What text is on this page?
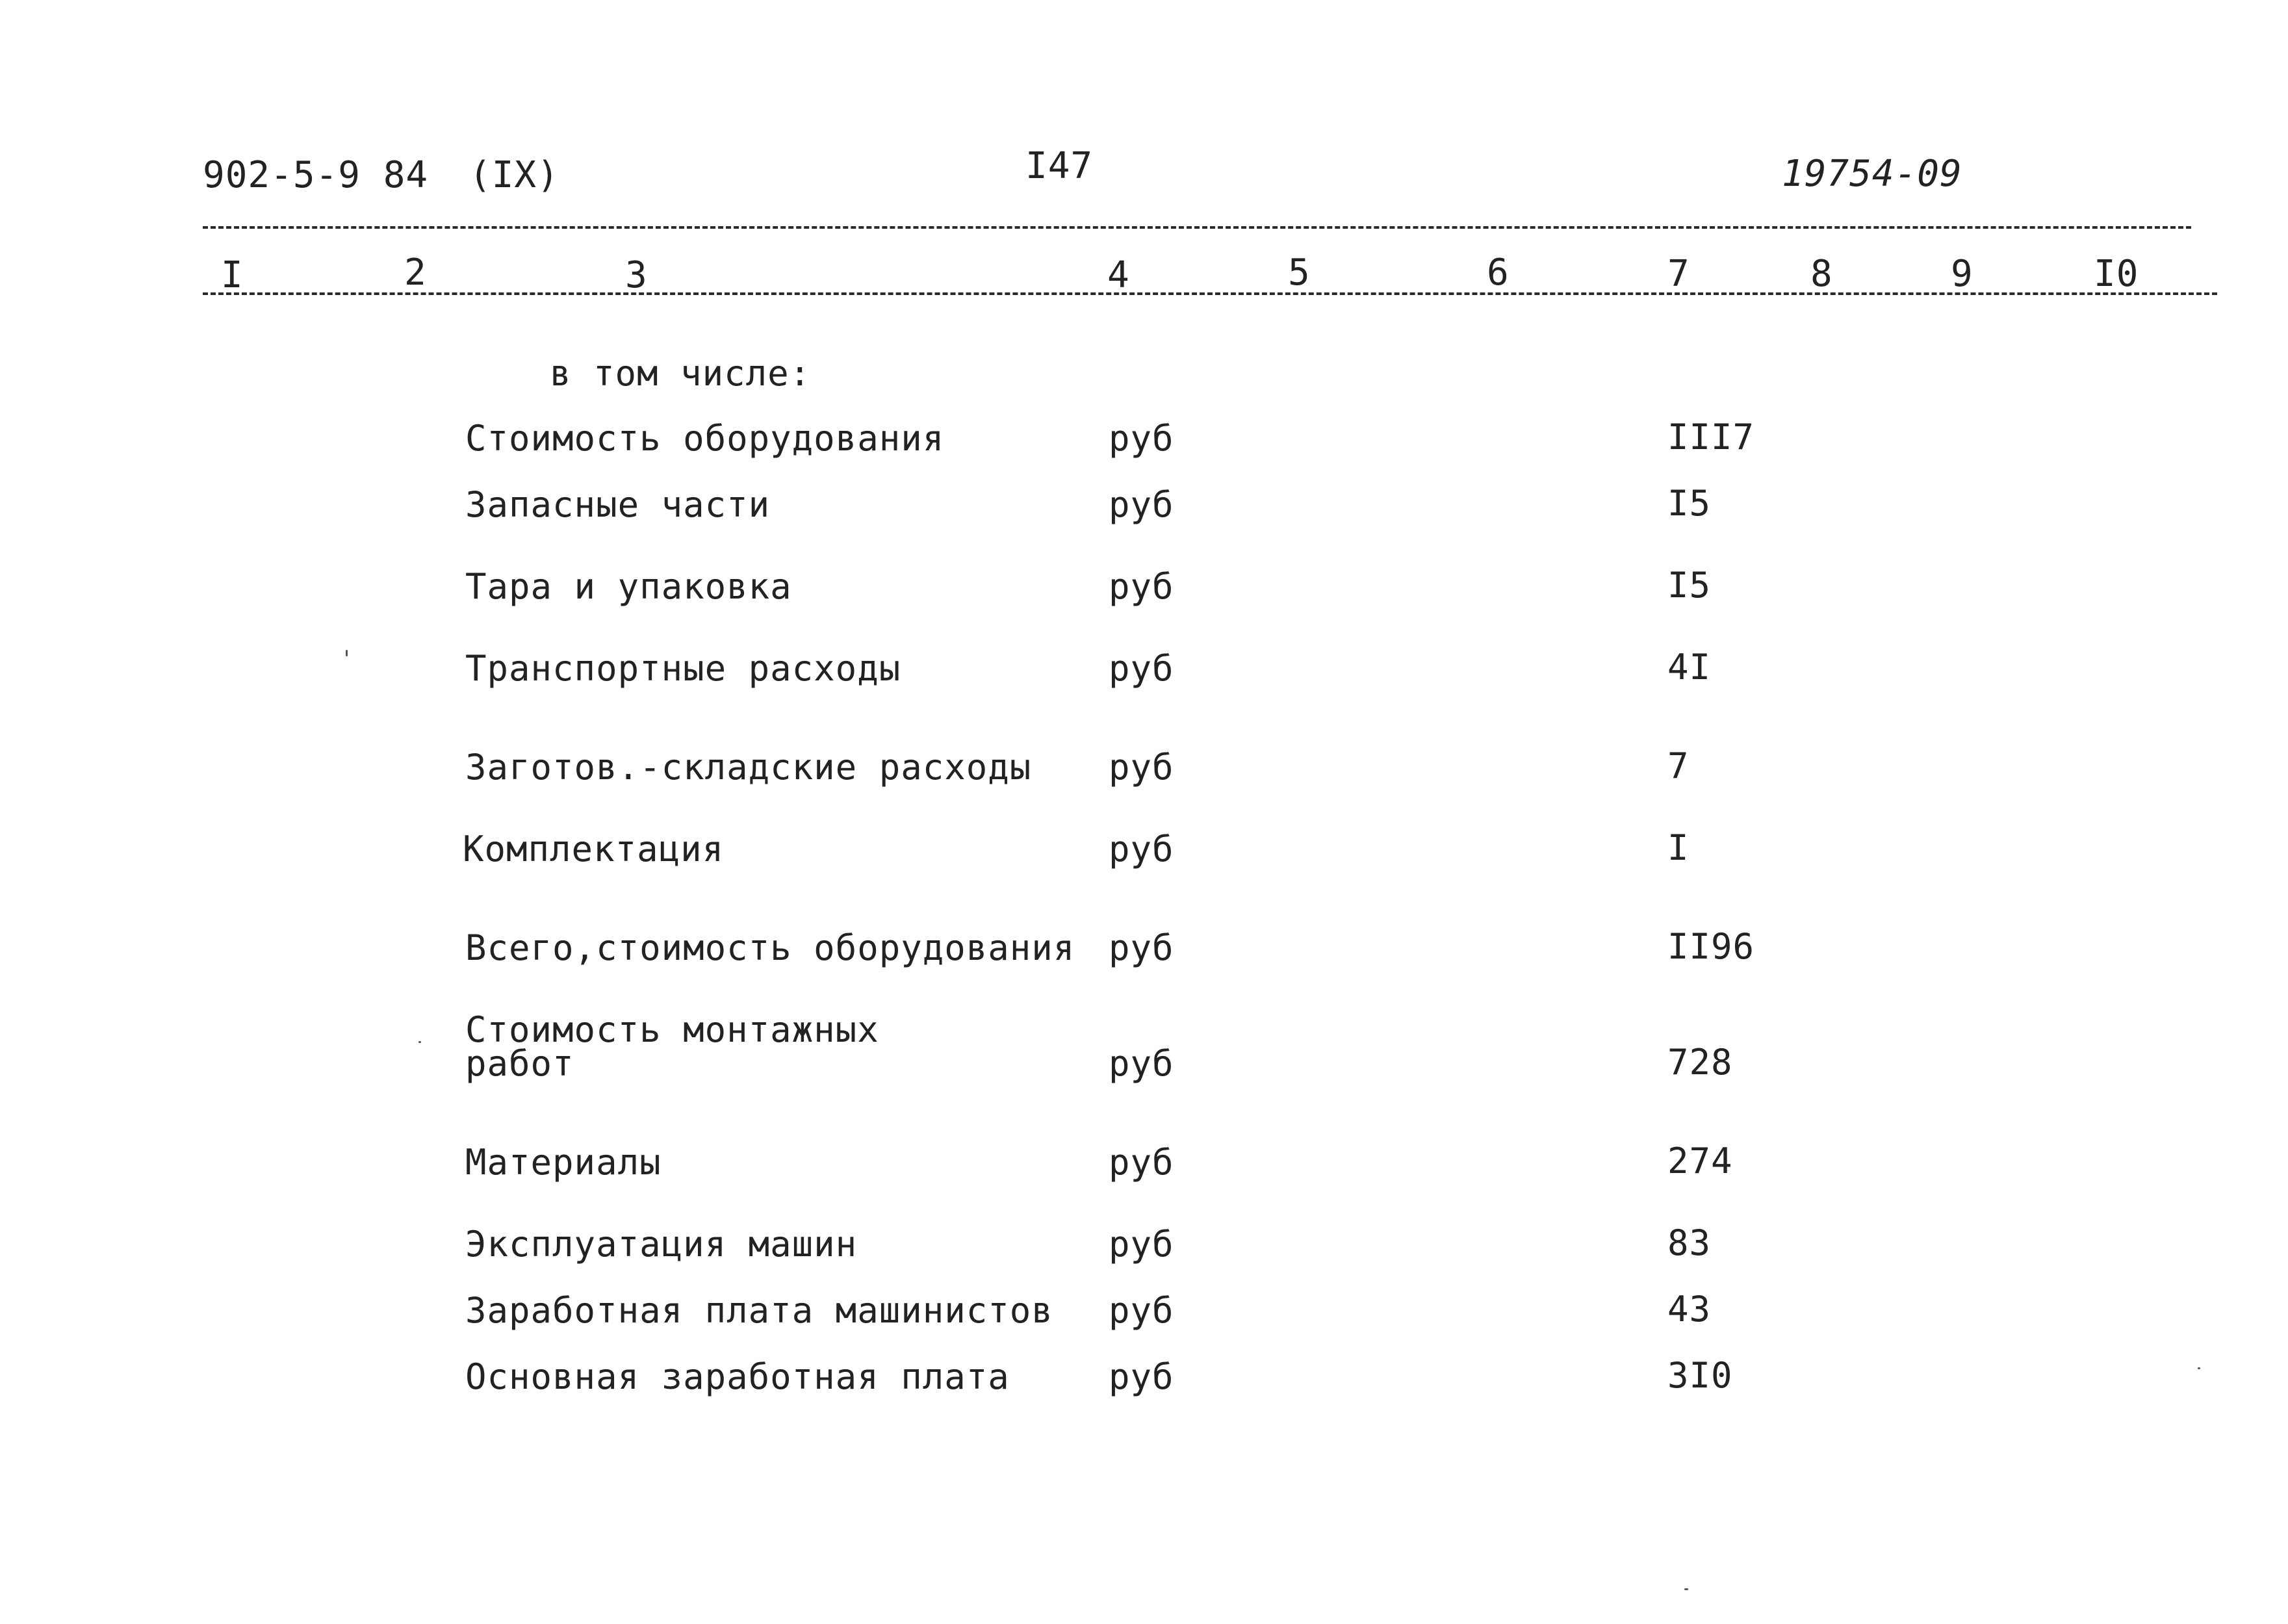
902-5-9 84 (IX)	I47	19754-09
I	2	3	4	5	6	7	8	9	I0
в том числе:
Стоимость оборудования	руб	III7
Запасные части	руб	I5
Тара и упаковка	руб	I5
Транспортные расходы	руб	4I
Заготов.-складские расходы руб	7
Комплектация	руб	I
Всего,стоимость оборудования руб	II96
Стоимость монтажных
работ	руб	728
Материалы	руб	274
Эксплуатация машин	руб	83
Заработная плата машинистов руб	43
Основная заработная плата	руб	3I0
